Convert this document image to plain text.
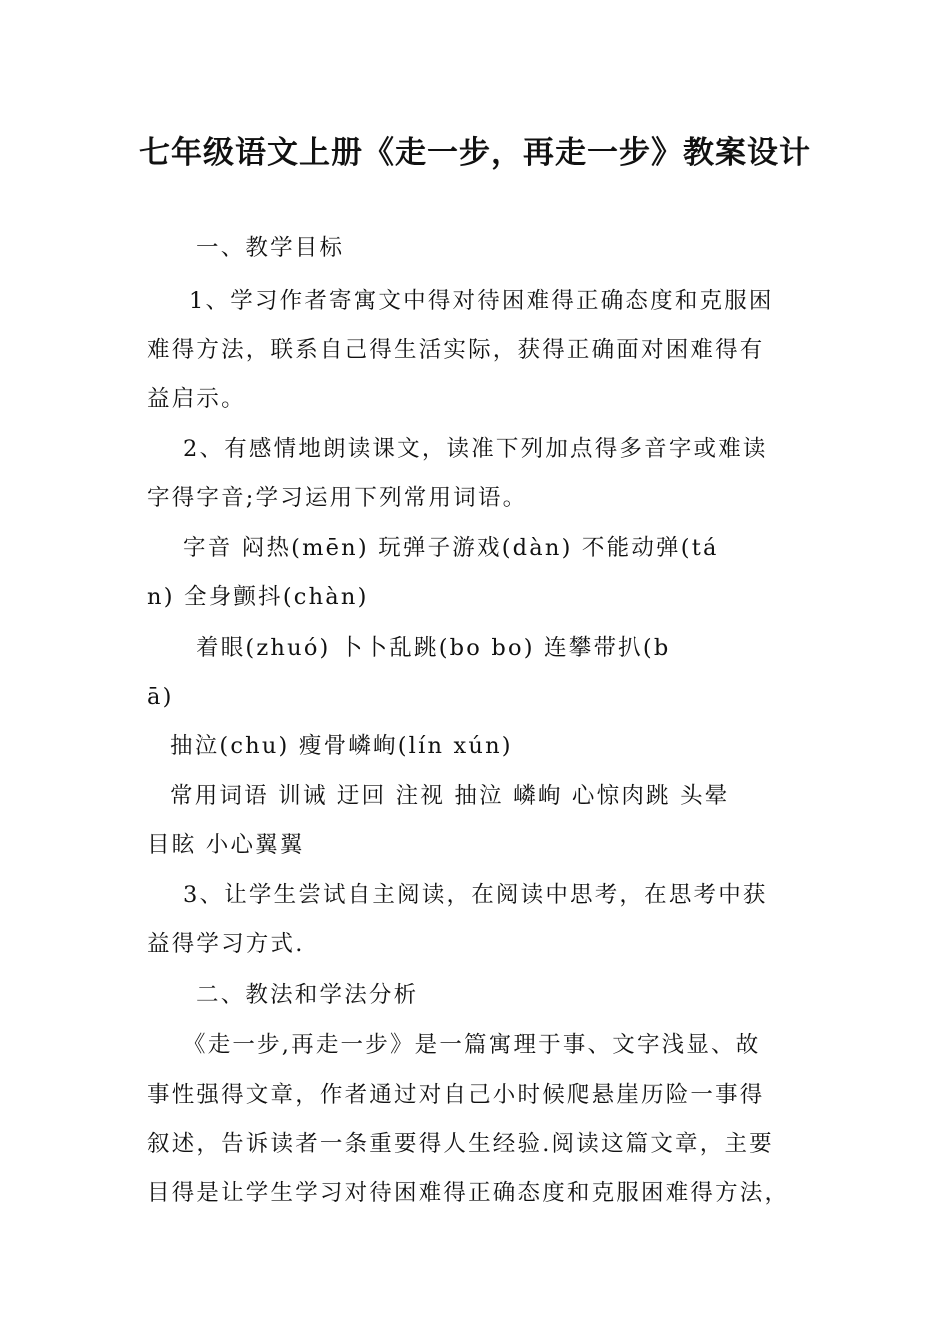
七年级语文上册《走一步，再走一步》教案设计

一、教学目标

1、学习作者寄寓文中得对待困难得正确态度和克服困

难得方法，联系自己得生活实际，获得正确面对困难得有

益启示。

2、有感情地朗读课文，读准下列加点得多音字或难读

字得字音;学习运用下列常用词语。

字音 闷热(mēn) 玩弹子游戏(dàn) 不能动弹(tá

n) 全身颤抖(chàn)

着眼(zhuó) 卜卜乱跳(bo bo) 连攀带扒(b

ā)

抽泣(chu) 瘦骨嶙峋(lín xún)

常用词语 训诫 迂回 注视 抽泣 嶙峋 心惊肉跳 头晕

目眩 小心翼翼

3、让学生尝试自主阅读，在阅读中思考，在思考中获

益得学习方式.

二、教法和学法分析

《走一步,再走一步》是一篇寓理于事、文字浅显、故

事性强得文章，作者通过对自己小时候爬悬崖历险一事得

叙述，告诉读者一条重要得人生经验.阅读这篇文章，主要

目得是让学生学习对待困难得正确态度和克服困难得方法，
